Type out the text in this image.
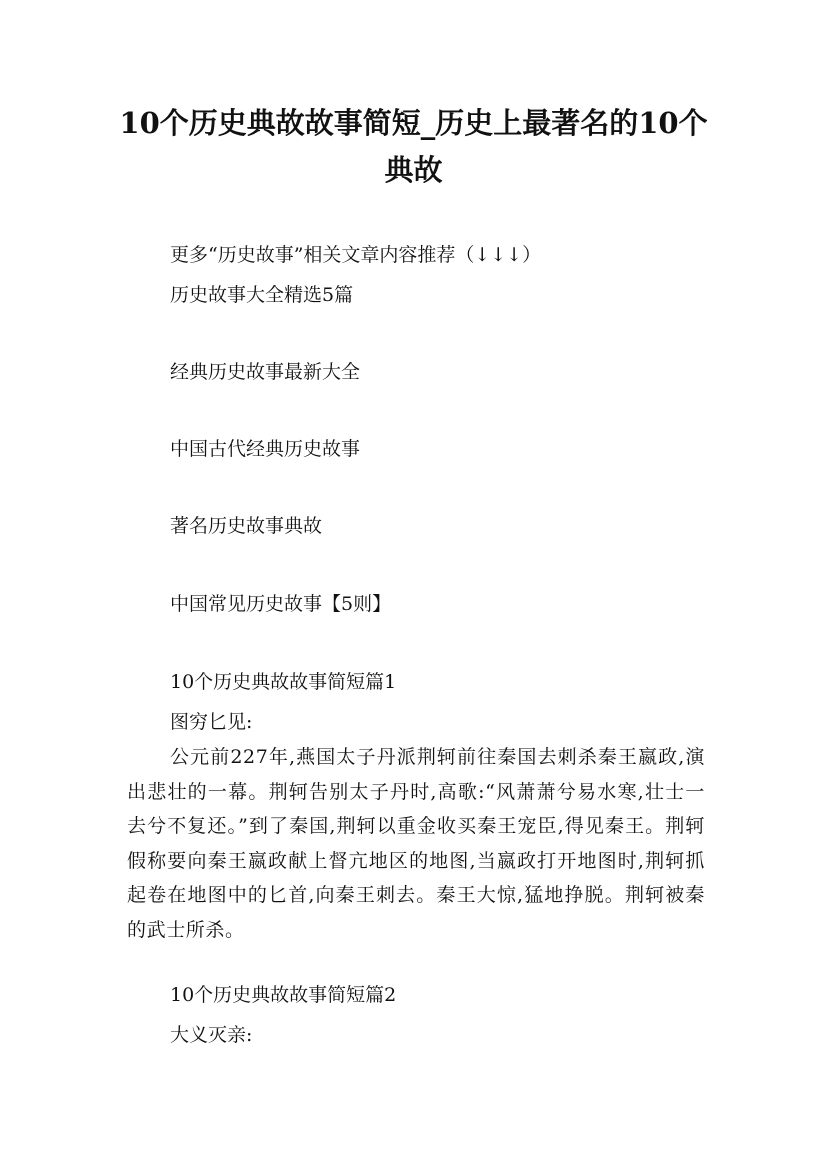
10个历史典故故事简短_历史上最著名的10个典故

更多“历史故事”相关文章内容推荐（↓↓↓）

历史故事大全精选5篇

经典历史故事最新大全

中国古代经典历史故事

著名历史故事典故

中国常见历史故事【5则】

10个历史典故故事简短篇1

图穷匕见:

公元前227年,燕国太子丹派荆轲前往秦国去刺杀秦王嬴政,演出悲壮的一幕。荆轲告别太子丹时,高歌:“风萧萧兮易水寒,壮士一去兮不复还。”到了秦国,荆轲以重金收买秦王宠臣,得见秦王。荆轲假称要向秦王嬴政献上督亢地区的地图,当嬴政打开地图时,荆轲抓起卷在地图中的匕首,向秦王刺去。秦王大惊,猛地挣脱。荆轲被秦的武士所杀。

10个历史典故故事简短篇2

大义灭亲:
